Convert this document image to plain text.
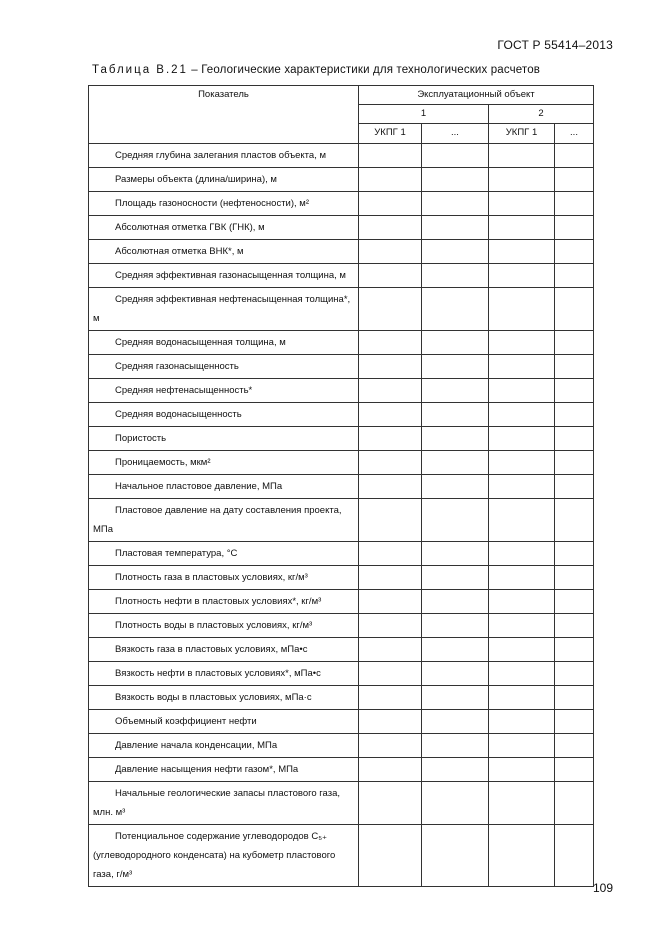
ГОСТ Р 55414–2013
Таблица В.21 – Геологические характеристики для технологических расчетов
Показатель	Эксплуатационный объект			
	1		2	
	УКПГ 1	...	УКПГ 1	...
Средняя глубина залегания пластов объекта, м				
Размеры объекта (длина/ширина), м				
Площадь газоносности (нефтеносности), м²				
Абсолютная отметка ГВК (ГНК), м				
Абсолютная отметка ВНК*, м				
Средняя эффективная газонасыщенная толщина, м				
Средняя эффективная нефтенасыщенная толщина*, м				
Средняя водонасыщенная толщина, м				
Средняя газонасыщенность				
Средняя нефтенасыщенность*				
Средняя водонасыщенность				
Пористость				
Проницаемость, мкм²				
Начальное пластовое давление, МПа				
Пластовое давление на дату составления проекта, МПа				
Пластовая температура, °С				
Плотность газа в пластовых условиях, кг/м³				
Плотность нефти в пластовых условиях*, кг/м³				
Плотность воды в пластовых условиях, кг/м³				
Вязкость газа в пластовых условиях, мПа•с				
Вязкость нефти в пластовых условиях*, мПа•с				
Вязкость воды в пластовых условиях, мПа·с				
Объемный коэффициент нефти				
Давление начала конденсации, МПа				
Давление насыщения нефти газом*, МПа				
Начальные геологические запасы пластового газа, млн. м³				
Потенциальное содержание углеводородов C₅₊ (углеводородного конденсата) на кубометр пластового газа, г/м³				
109
